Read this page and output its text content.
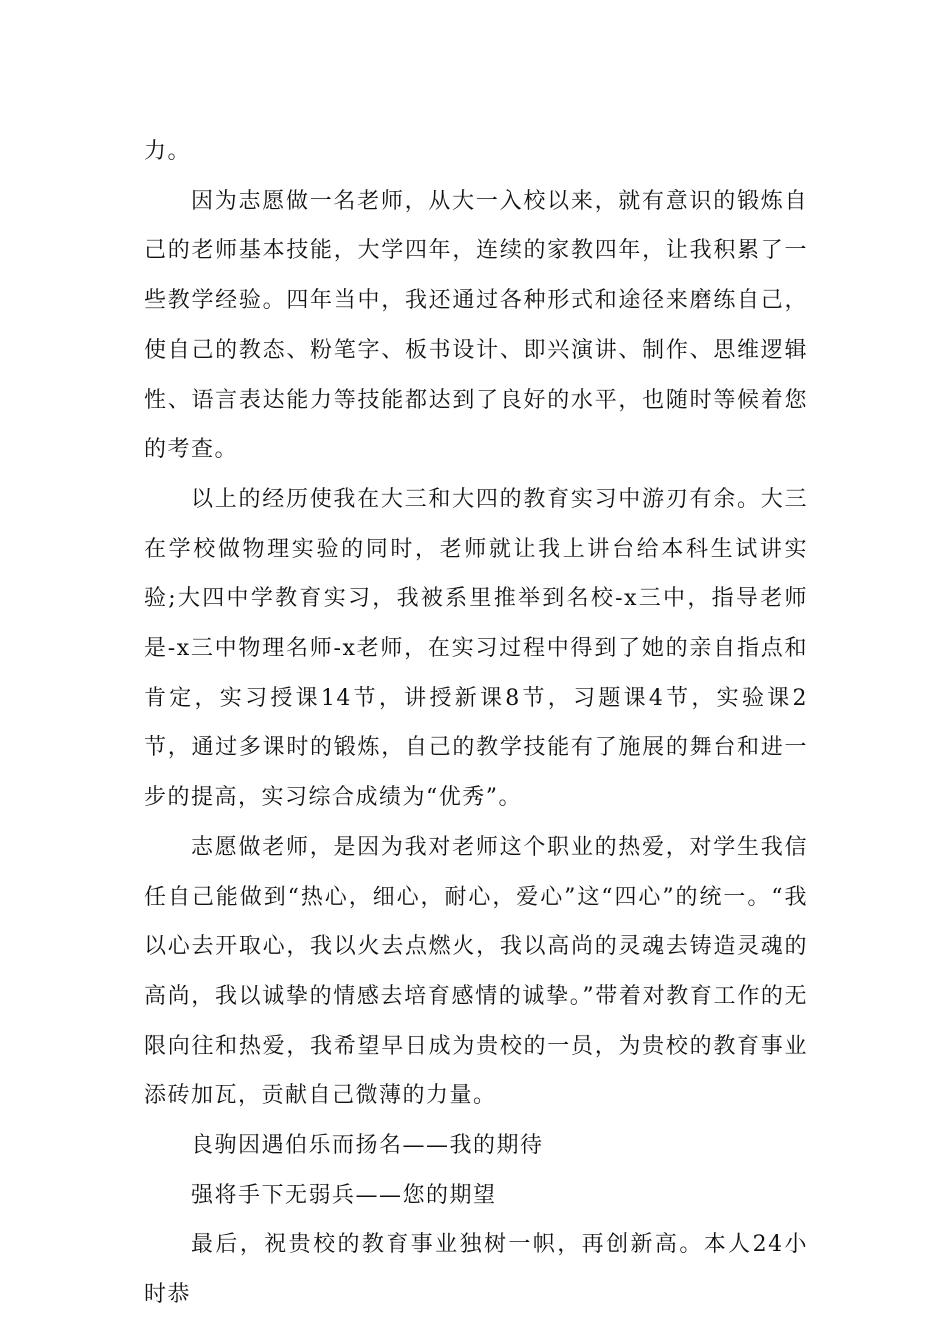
力。

因为志愿做一名老师，从大一入校以来，就有意识的锻炼自己的老师基本技能，大学四年，连续的家教四年，让我积累了一些教学经验。四年当中，我还通过各种形式和途径来磨练自己，使自己的教态、粉笔字、板书设计、即兴演讲、制作、思维逻辑性、语言表达能力等技能都达到了良好的水平，也随时等候着您的考查。

以上的经历使我在大三和大四的教育实习中游刃有余。大三在学校做物理实验的同时，老师就让我上讲台给本科生试讲实验;大四中学教育实习，我被系里推举到名校-x三中，指导老师是-x三中物理名师-x老师，在实习过程中得到了她的亲自指点和肯定，实习授课14节，讲授新课8节，习题课4节，实验课2节，通过多课时的锻炼，自己的教学技能有了施展的舞台和进一步的提高，实习综合成绩为“优秀”。

志愿做老师，是因为我对老师这个职业的热爱，对学生我信任自己能做到“热心，细心，耐心，爱心”这“四心”的统一。“我以心去开取心，我以火去点燃火，我以高尚的灵魂去铸造灵魂的高尚，我以诚挚的情感去培育感情的诚挚。”带着对教育工作的无限向往和热爱，我希望早日成为贵校的一员，为贵校的教育事业添砖加瓦，贡献自己微薄的力量。

良驹因遇伯乐而扬名——我的期待

强将手下无弱兵——您的期望

最后，祝贵校的教育事业独树一帜，再创新高。本人24小时恭
